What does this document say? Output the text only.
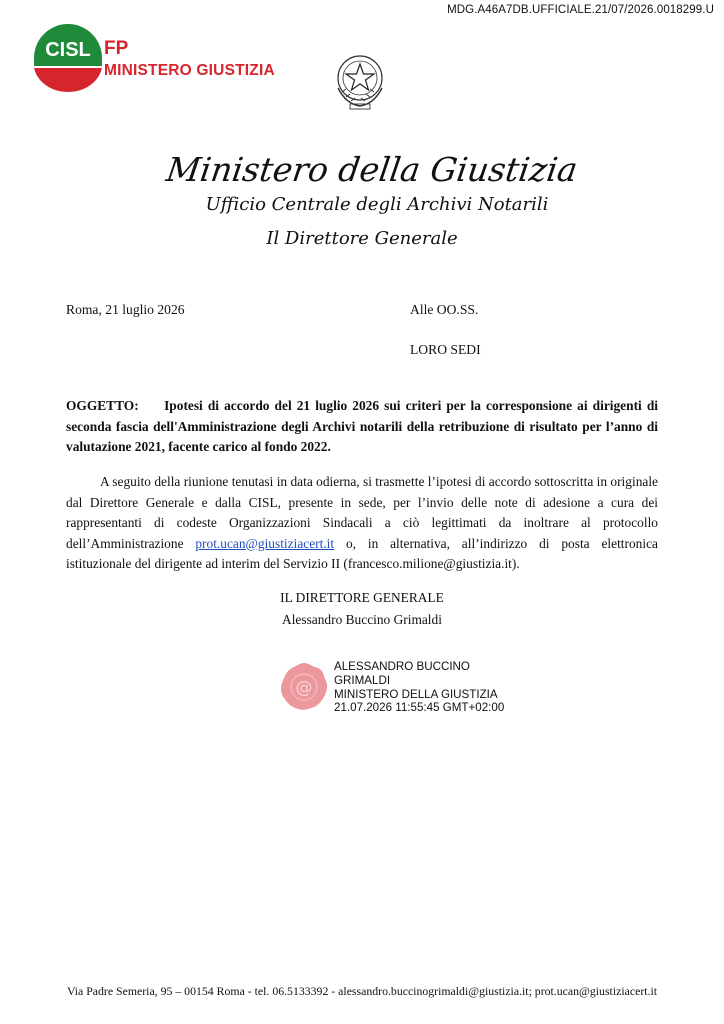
MDG.A46A7DB.UFFICIALE.21/07/2026.0018299.U
CISL FP
MINISTERO GIUSTIZIA
Ministero della Giustizia
Ufficio Centrale degli Archivi Notarili
Il Direttore Generale
Roma, 21 luglio 2026	Alle OO.SS.
LORO SEDI
OGGETTO: Ipotesi di accordo del 21 luglio 2026 sui criteri per la corresponsione ai dirigenti di seconda fascia dell'Amministrazione degli Archivi notarili della retribuzione di risultato per l’anno di valutazione 2021, facente carico al fondo 2022.
A seguito della riunione tenutasi in data odierna, si trasmette l’ipotesi di accordo sottoscritta in originale dal Direttore Generale e dalla CISL, presente in sede, per l’invio delle note di adesione a cura dei rappresentanti di codeste Organizzazioni Sindacali a ciò legittimati da inoltrare al protocollo dell’Amministrazione prot.ucan@giustiziacert.it o, in alternativa, all’indirizzo di posta elettronica istituzionale del dirigente ad interim del Servizio II (francesco.milione@giustizia.it).
IL DIRETTORE GENERALE
Alessandro Buccino Grimaldi
@
ALESSANDRO BUCCINO
GRIMALDI
MINISTERO DELLA GIUSTIZIA
21.07.2026 11:55:45 GMT+02:00
Via Padre Semeria, 95 – 00154 Roma - tel. 06.5133392 - alessandro.buccinogrimaldi@giustizia.it; prot.ucan@giustiziacert.it
